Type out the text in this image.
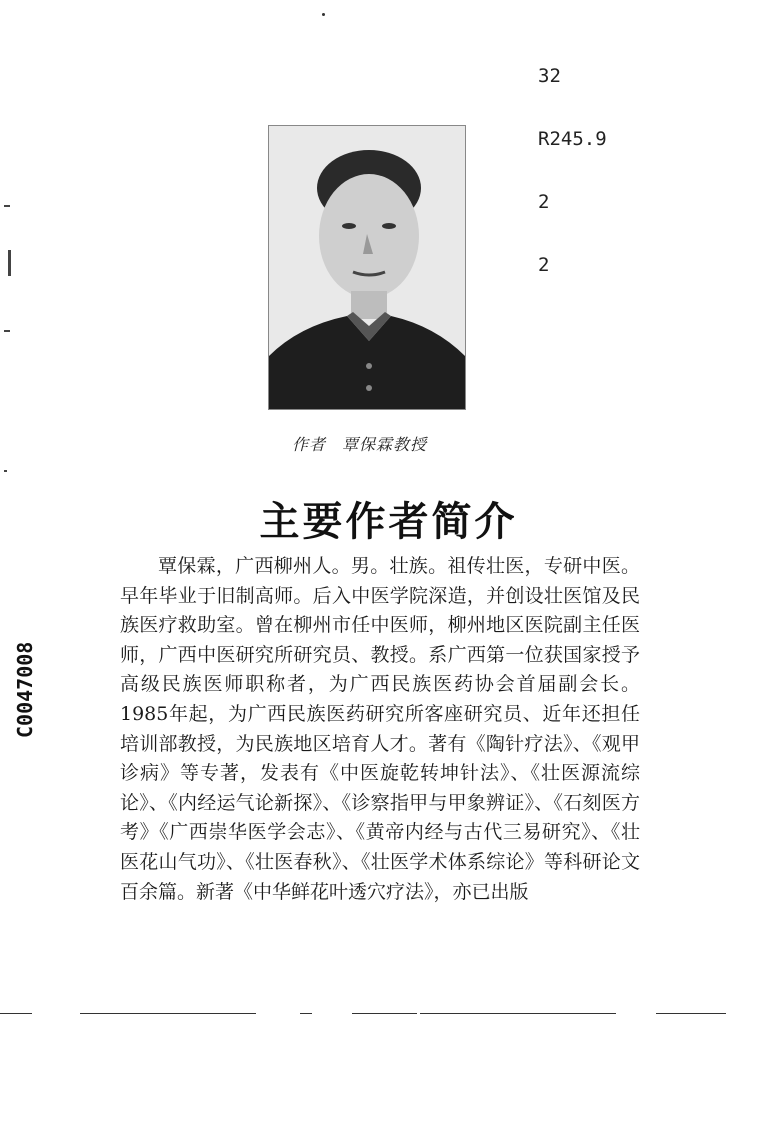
32

R245.9

2

2

作者 覃保霖教授
主要作者简介
覃保霖，广西柳州人。男。壮族。祖传壮医，专研中医。早年毕业于旧制高师。后入中医学院深造，并创设壮医馆及民族医疗救助室。曾在柳州市任中医师，柳州地区医院副主任医师，广西中医研究所研究员、教授。系广西第一位获国家授予高级民族医师职称者，为广西民族医药协会首届副会长。1985年起，为广西民族医药研究所客座研究员、近年还担任培训部教授，为民族地区培育人才。著有《陶针疗法》、《观甲诊病》等专著，发表有《中医旋乾转坤针法》、《壮医源流综论》、《内经运气论新探》、《诊察指甲与甲象辨证》、《石刻医方考》《广西崇华医学会志》、《黄帝内经与古代三易研究》、《壮医花山气功》、《壮医春秋》、《壮医学术体系综论》等科研论文百余篇。新著《中华鲜花叶透穴疗法》，亦已出版
C0047008
